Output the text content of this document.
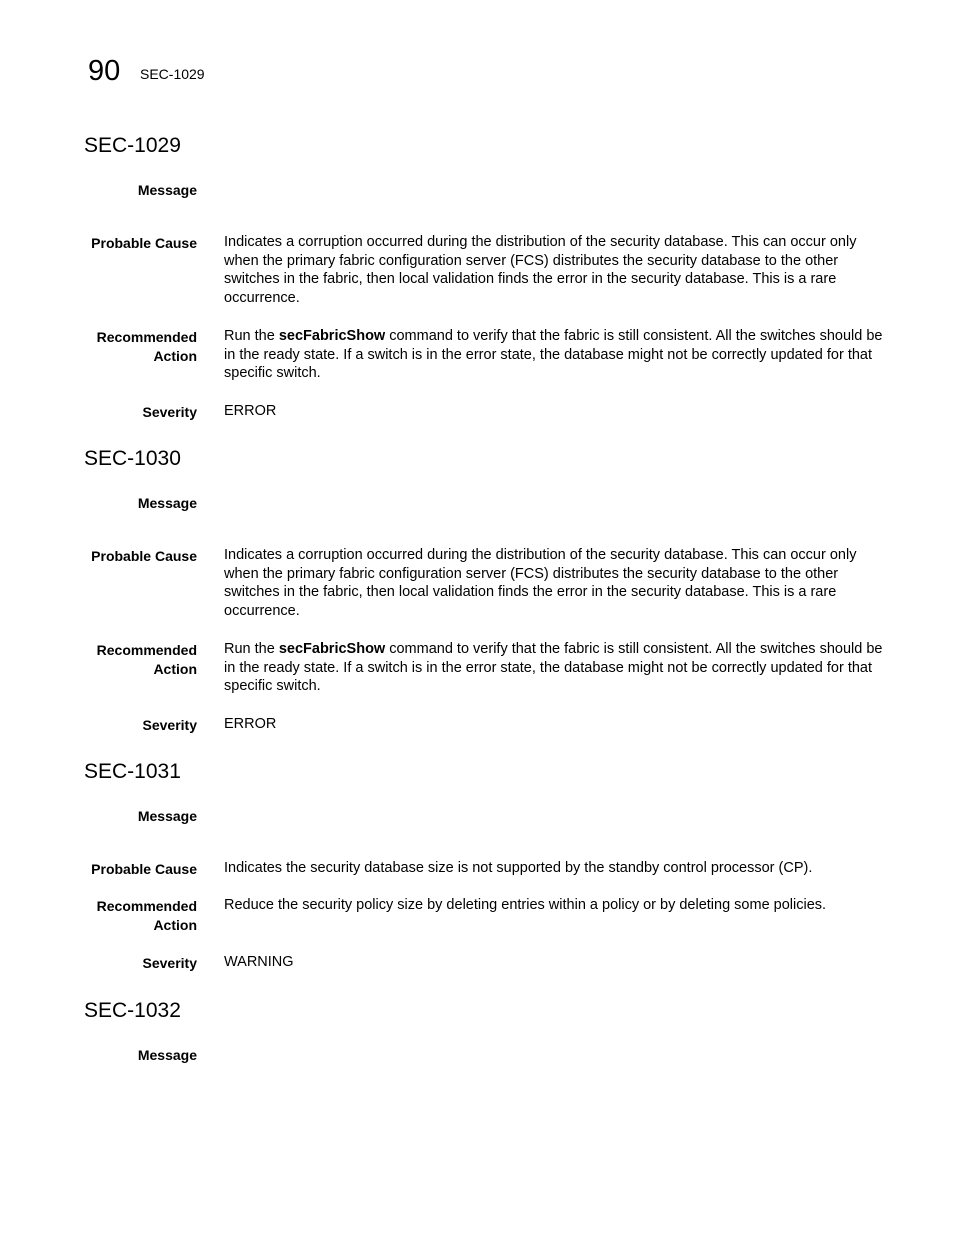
90 SEC-1029
SEC-1029
Message
Probable Cause Indicates a corruption occurred during the distribution of the security database. This can occur only when the primary fabric configuration server (FCS) distributes the security database to the other switches in the fabric, then local validation finds the error in the security database. This is a rare occurrence.
Recommended
Action
Run the secFabricShow command to verify that the fabric is still consistent. All the switches should be in the ready state. If a switch is in the error state, the database might not be correctly updated for that specific switch.
Severity ERROR
SEC-1030
Message
Probable Cause Indicates a corruption occurred during the distribution of the security database. This can occur only when the primary fabric configuration server (FCS) distributes the security database to the other switches in the fabric, then local validation finds the error in the security database. This is a rare occurrence.
Recommended
Action
Run the secFabricShow command to verify that the fabric is still consistent. All the switches should be in the ready state. If a switch is in the error state, the database might not be correctly updated for that specific switch.
Severity ERROR
SEC-1031
Message
Probable Cause Indicates the security database size is not supported by the standby control processor (CP).
Recommended
Action
Reduce the security policy size by deleting entries within a policy or by deleting some policies.
Severity WARNING
SEC-1032
Message
